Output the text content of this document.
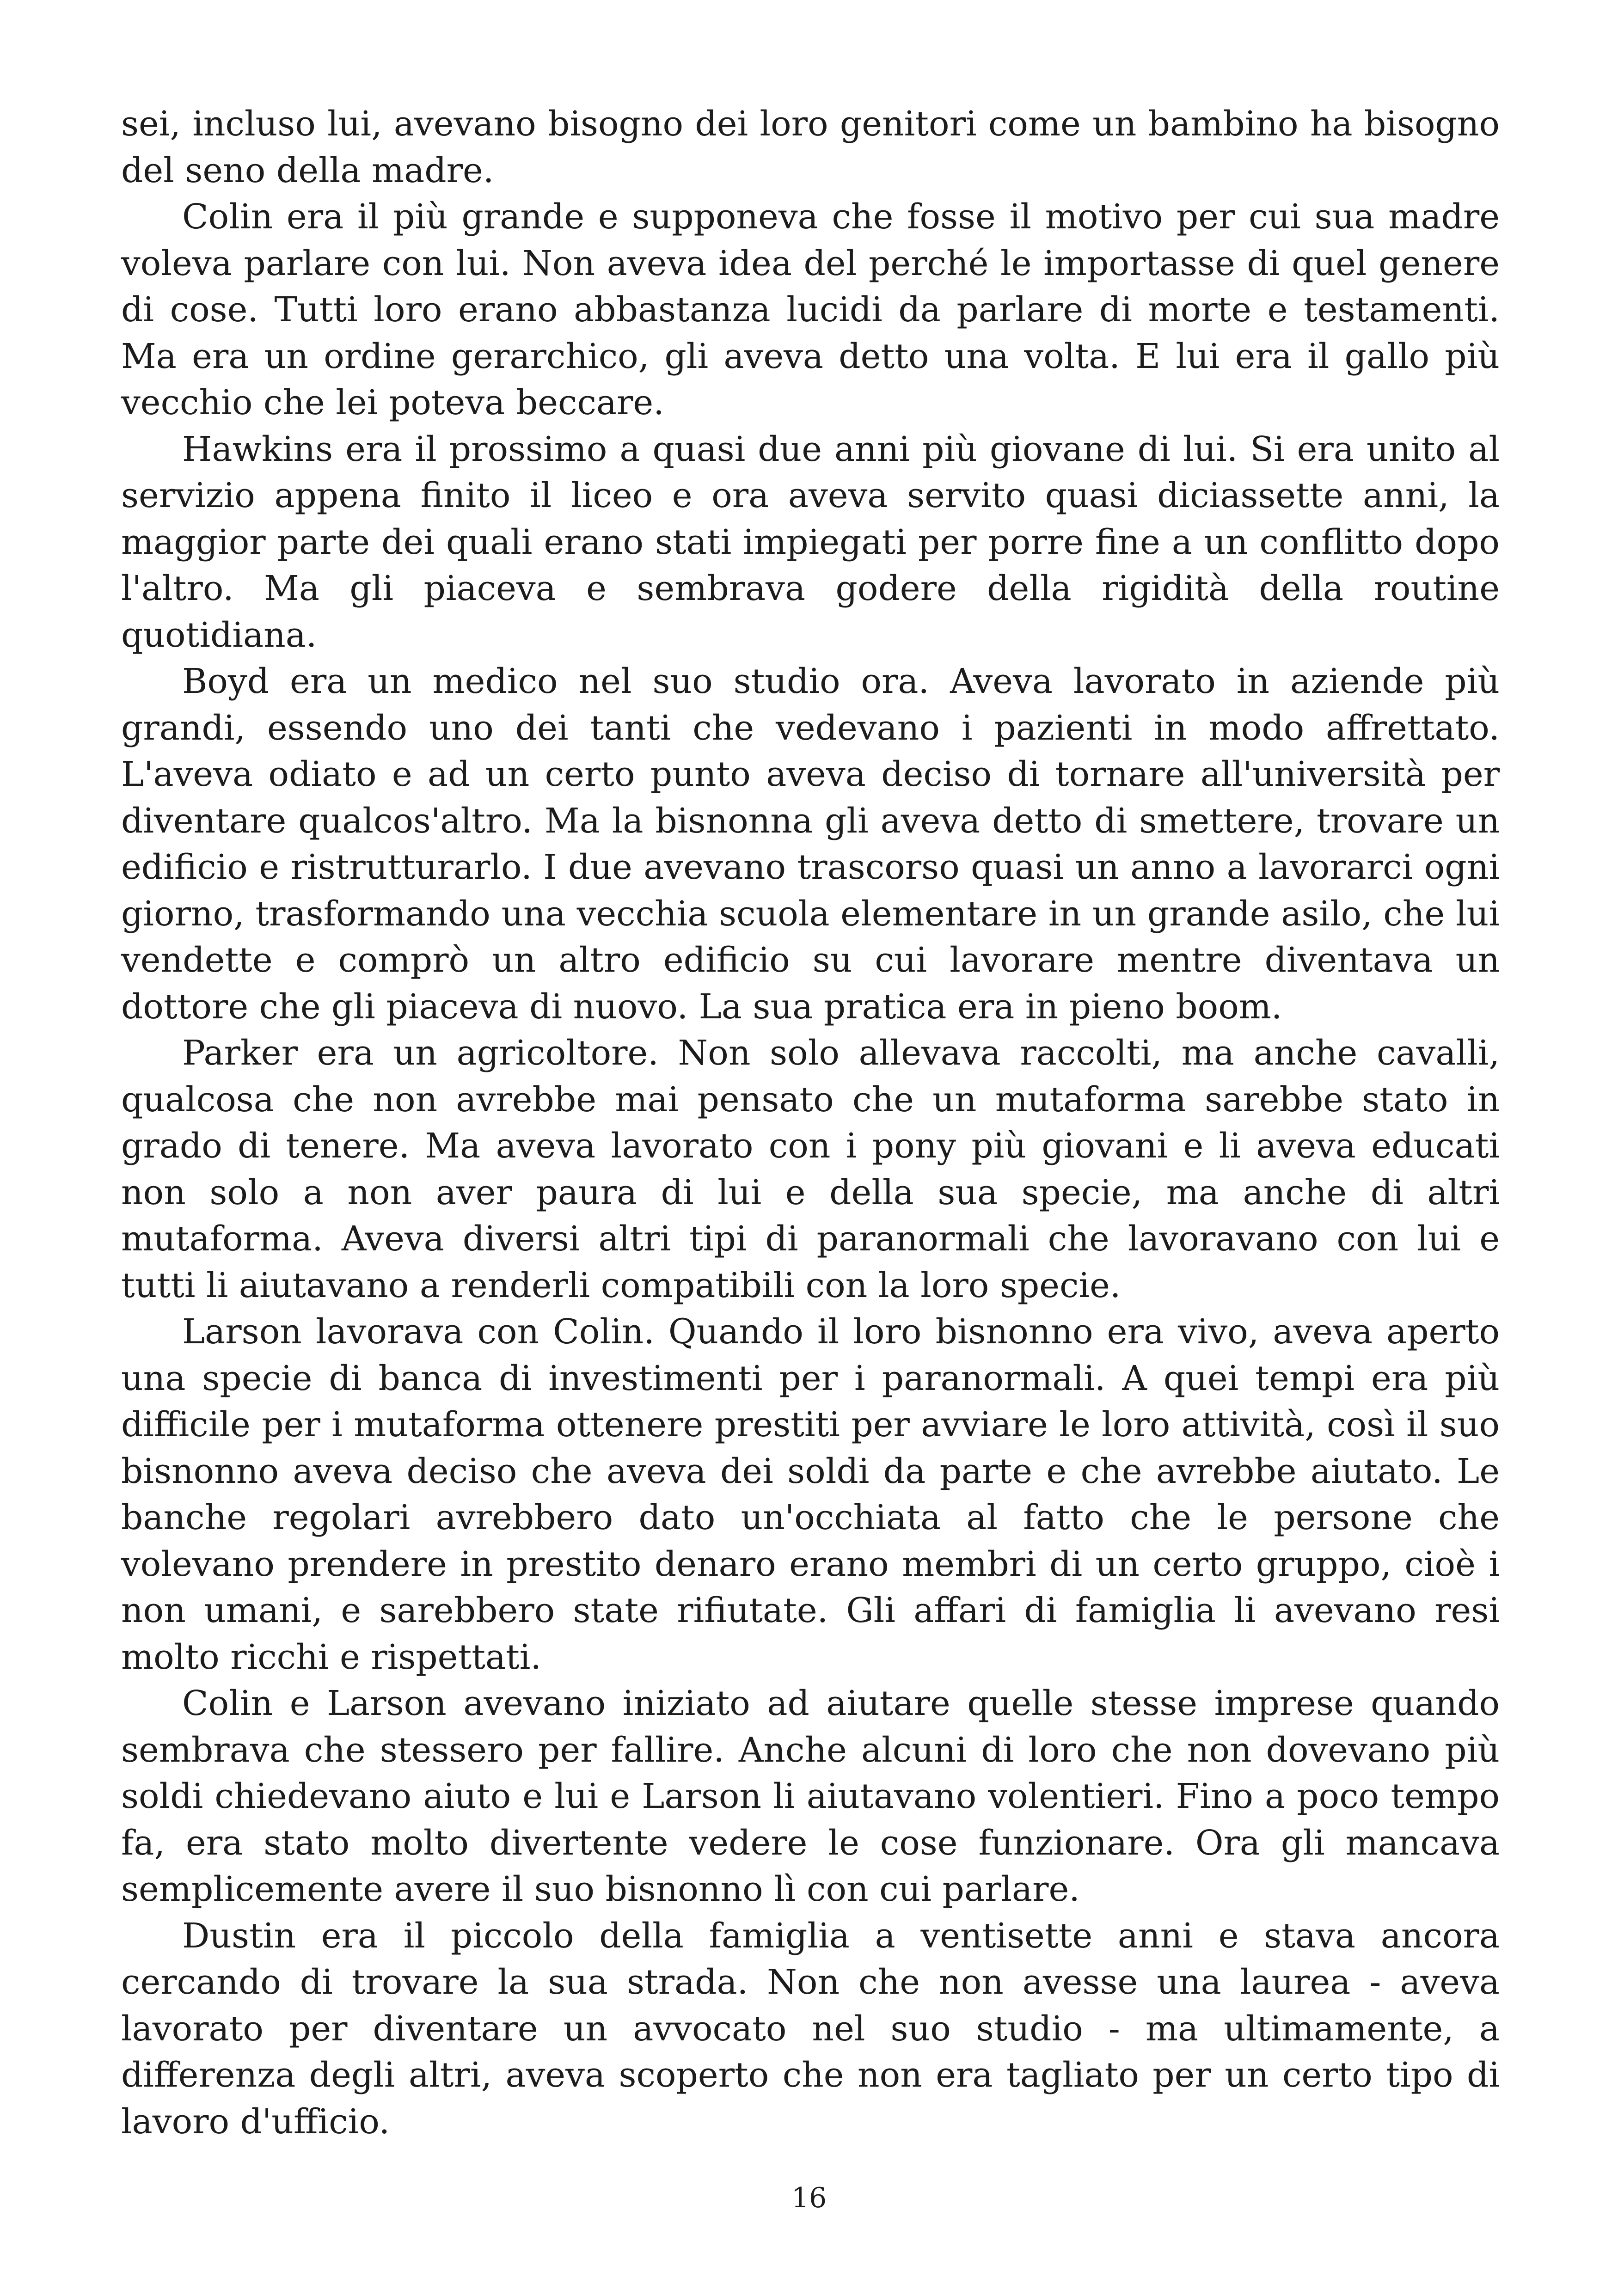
sei, incluso lui, avevano bisogno dei loro genitori come un bambino ha bisogno del seno della madre.

Colin era il più grande e supponeva che fosse il motivo per cui sua madre voleva parlare con lui. Non aveva idea del perché le importasse di quel genere di cose. Tutti loro erano abbastanza lucidi da parlare di morte e testamenti. Ma era un ordine gerarchico, gli aveva detto una volta. E lui era il gallo più vecchio che lei poteva beccare.

Hawkins era il prossimo a quasi due anni più giovane di lui. Si era unito al servizio appena finito il liceo e ora aveva servito quasi diciassette anni, la maggior parte dei quali erano stati impiegati per porre fine a un conflitto dopo l'altro. Ma gli piaceva e sembrava godere della rigidità della routine quotidiana.

Boyd era un medico nel suo studio ora. Aveva lavorato in aziende più grandi, essendo uno dei tanti che vedevano i pazienti in modo affrettato. L'aveva odiato e ad un certo punto aveva deciso di tornare all'università per diventare qualcos'altro. Ma la bisnonna gli aveva detto di smettere, trovare un edificio e ristrutturarlo. I due avevano trascorso quasi un anno a lavorarci ogni giorno, trasformando una vecchia scuola elementare in un grande asilo, che lui vendette e comprò un altro edificio su cui lavorare mentre diventava un dottore che gli piaceva di nuovo. La sua pratica era in pieno boom.

Parker era un agricoltore. Non solo allevava raccolti, ma anche cavalli, qualcosa che non avrebbe mai pensato che un mutaforma sarebbe stato in grado di tenere. Ma aveva lavorato con i pony più giovani e li aveva educati non solo a non aver paura di lui e della sua specie, ma anche di altri mutaforma. Aveva diversi altri tipi di paranormali che lavoravano con lui e tutti li aiutavano a renderli compatibili con la loro specie.

Larson lavorava con Colin. Quando il loro bisnonno era vivo, aveva aperto una specie di banca di investimenti per i paranormali. A quei tempi era più difficile per i mutaforma ottenere prestiti per avviare le loro attività, così il suo bisnonno aveva deciso che aveva dei soldi da parte e che avrebbe aiutato. Le banche regolari avrebbero dato un'occhiata al fatto che le persone che volevano prendere in prestito denaro erano membri di un certo gruppo, cioè i non umani, e sarebbero state rifiutate. Gli affari di famiglia li avevano resi molto ricchi e rispettati.

Colin e Larson avevano iniziato ad aiutare quelle stesse imprese quando sembrava che stessero per fallire. Anche alcuni di loro che non dovevano più soldi chiedevano aiuto e lui e Larson li aiutavano volentieri. Fino a poco tempo fa, era stato molto divertente vedere le cose funzionare. Ora gli mancava semplicemente avere il suo bisnonno lì con cui parlare.

Dustin era il piccolo della famiglia a ventisette anni e stava ancora cercando di trovare la sua strada. Non che non avesse una laurea - aveva lavorato per diventare un avvocato nel suo studio - ma ultimamente, a differenza degli altri, aveva scoperto che non era tagliato per un certo tipo di lavoro d'ufficio.

16
